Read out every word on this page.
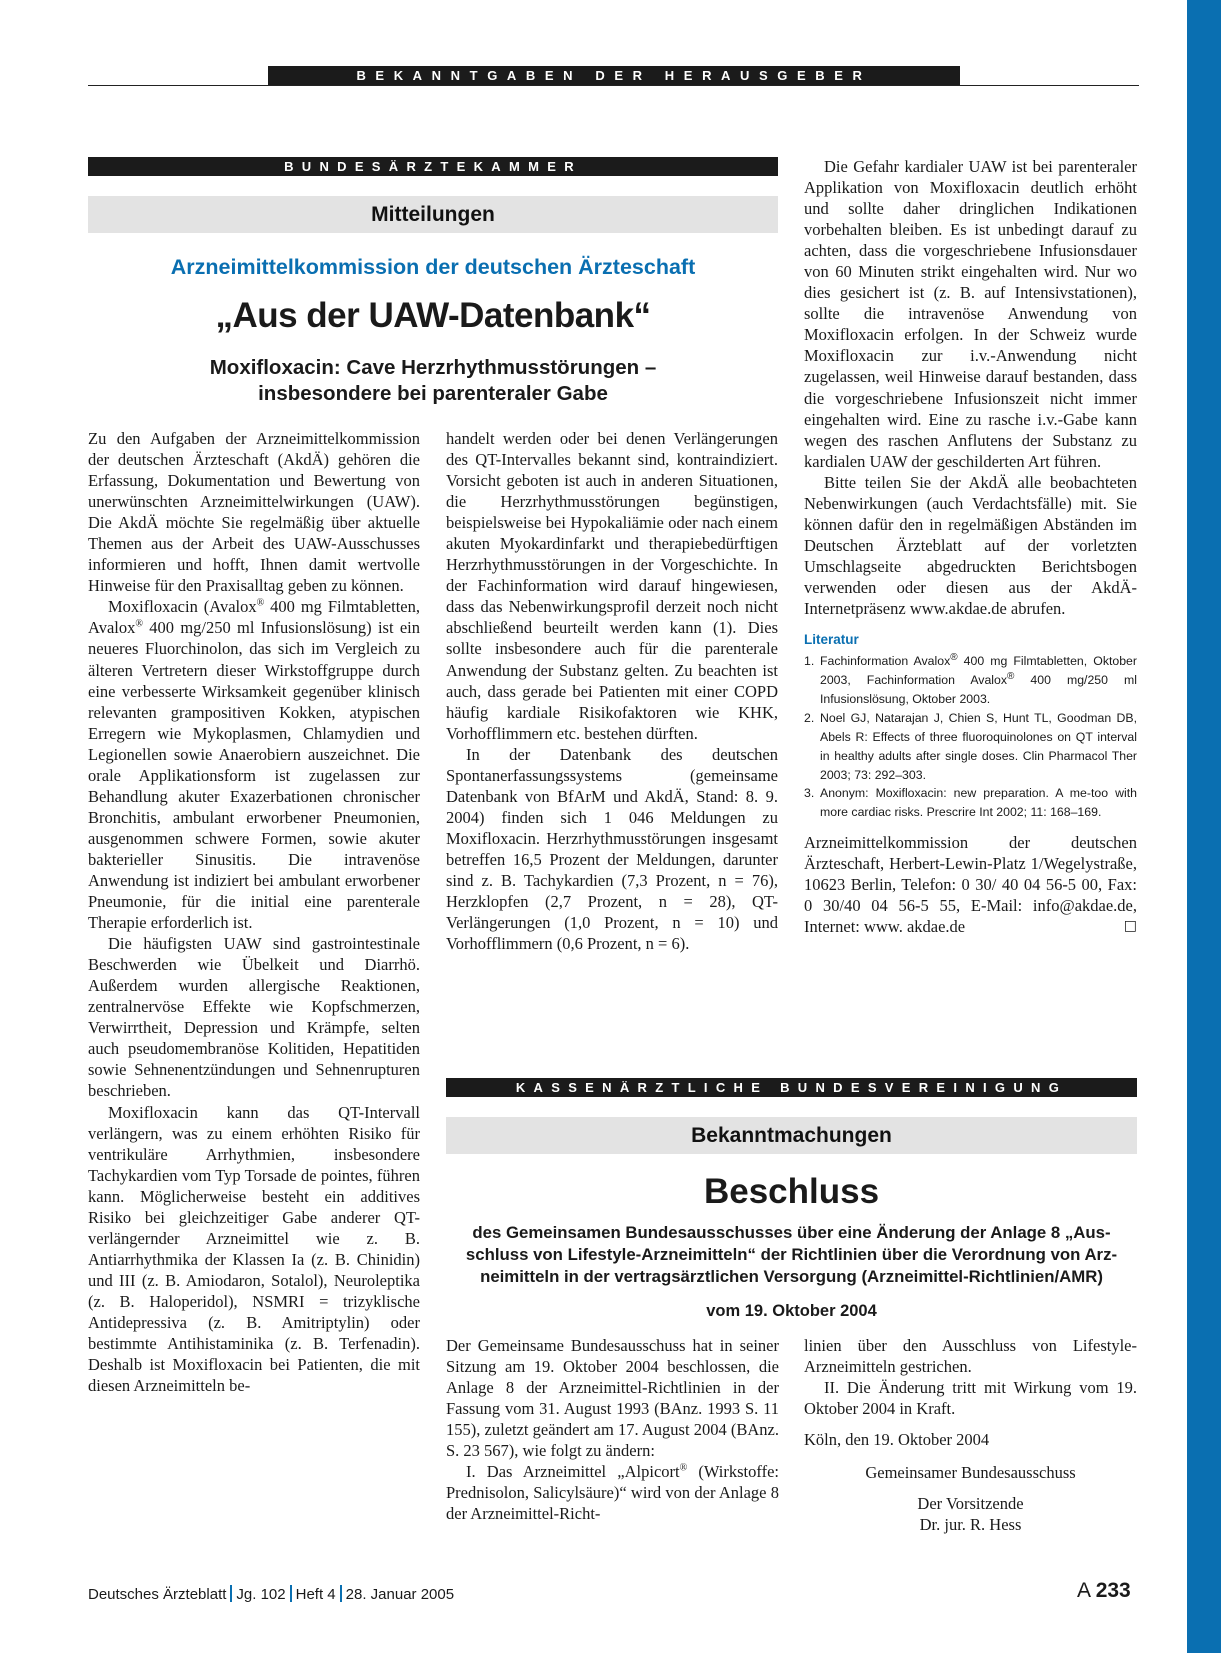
BEKANNTGABEN DER HERAUSGEBER
BUNDESÄRZTEKAMMER
Mitteilungen
Arzneimittelkommission der deutschen Ärzteschaft
„Aus der UAW-Datenbank“
Moxifloxacin: Cave Herzrhythmusstörungen –
insbesondere bei parenteraler Gabe

Zu den Aufgaben der Arzneimittelkommission der deutschen Ärzteschaft (AkdÄ) gehören die Erfassung, Dokumentation und Bewertung von unerwünschten Arzneimittelwirkungen (UAW). Die AkdÄ möchte Sie regelmäßig über aktuelle Themen aus der Arbeit des UAW-Ausschusses informieren und hofft, Ihnen damit wertvolle Hinweise für den Praxisalltag geben zu können.

Moxifloxacin (Avalox® 400 mg Filmtabletten, Avalox® 400 mg/250 ml Infusionslösung) ist ein neueres Fluorchinolon, das sich im Vergleich zu älteren Vertretern dieser Wirkstoffgruppe durch eine verbesserte Wirksamkeit gegenüber klinisch relevanten grampositiven Kokken, atypischen Erregern wie Mykoplasmen, Chlamydien und Legionellen sowie Anaerobiern auszeichnet. Die orale Applikationsform ist zugelassen zur Behandlung akuter Exazerbationen chronischer Bronchitis, ambulant erworbener Pneumonien, ausgenommen schwere Formen, sowie akuter bakterieller Sinusitis. Die intravenöse Anwendung ist indiziert bei ambulant erworbener Pneumonie, für die initial eine parenterale Therapie erforderlich ist.

Die häufigsten UAW sind gastrointestinale Beschwerden wie Übelkeit und Diarrhö. Außerdem wurden allergische Reaktionen, zentralnervöse Effekte wie Kopfschmerzen, Verwirrtheit, Depression und Krämpfe, selten auch pseudomembranöse Kolitiden, Hepatitiden sowie Sehnenentzündungen und Sehnenrupturen beschrieben.

Moxifloxacin kann das QT-Intervall verlängern, was zu einem erhöhten Risiko für ventrikuläre Arrhythmien, insbesondere Tachykardien vom Typ Torsade de pointes, führen kann. Möglicherweise besteht ein additives Risiko bei gleichzeitiger Gabe anderer QT-verlängernder Arzneimittel wie z. B. Antiarrhythmika der Klassen Ia (z. B. Chinidin) und III (z. B. Amiodaron, Sotalol), Neuroleptika (z. B. Haloperidol), NSMRI = trizyklische Antidepressiva (z. B. Amitriptylin) oder bestimmte Antihistaminika (z. B. Terfenadin). Deshalb ist Moxifloxacin bei Patienten, die mit diesen Arzneimitteln be-

handelt werden oder bei denen Verlängerungen des QT-Intervalles bekannt sind, kontraindiziert. Vorsicht geboten ist auch in anderen Situationen, die Herzrhythmusstörungen begünstigen, beispielsweise bei Hypokaliämie oder nach einem akuten Myokardinfarkt und therapiebedürftigen Herzrhythmusstörungen in der Vorgeschichte. In der Fachinformation wird darauf hingewiesen, dass das Nebenwirkungsprofil derzeit noch nicht abschließend beurteilt werden kann (1). Dies sollte insbesondere auch für die parenterale Anwendung der Substanz gelten. Zu beachten ist auch, dass gerade bei Patienten mit einer COPD häufig kardiale Risikofaktoren wie KHK, Vorhofflimmern etc. bestehen dürften.

In der Datenbank des deutschen Spontanerfassungssystems (gemeinsame Datenbank von BfArM und AkdÄ, Stand: 8. 9. 2004) finden sich 1 046 Meldungen zu Moxifloxacin. Herzrhythmusstörungen insgesamt betreffen 16,5 Prozent der Meldungen, darunter sind z. B. Tachykardien (7,3 Prozent, n = 76), Herzklopfen (2,7 Prozent, n = 28), QT-Verlängerungen (1,0 Prozent, n = 10) und Vorhofflimmern (0,6 Prozent, n = 6).

Die Gefahr kardialer UAW ist bei parenteraler Applikation von Moxifloxacin deutlich erhöht und sollte daher dringlichen Indikationen vorbehalten bleiben. Es ist unbedingt darauf zu achten, dass die vorgeschriebene Infusionsdauer von 60 Minuten strikt eingehalten wird. Nur wo dies gesichert ist (z. B. auf Intensivstationen), sollte die intravenöse Anwendung von Moxifloxacin erfolgen. In der Schweiz wurde Moxifloxacin zur i.v.-Anwendung nicht zugelassen, weil Hinweise darauf bestanden, dass die vorgeschriebene Infusionszeit nicht immer eingehalten wird. Eine zu rasche i.v.-Gabe kann wegen des raschen Anflutens der Substanz zu kardialen UAW der geschilderten Art führen.

Bitte teilen Sie der AkdÄ alle beobachteten Nebenwirkungen (auch Verdachtsfälle) mit. Sie können dafür den in regelmäßigen Abständen im Deutschen Ärzteblatt auf der vorletzten Umschlagseite abgedruckten Berichtsbogen verwenden oder diesen aus der AkdÄ-Internetpräsenz www.akdae.de abrufen.

Literatur
1. Fachinformation Avalox® 400 mg Filmtabletten, Oktober 2003, Fachinformation Avalox® 400 mg/250 ml Infusionslösung, Oktober 2003.
2. Noel GJ, Natarajan J, Chien S, Hunt TL, Goodman DB, Abels R: Effects of three fluoroquinolones on QT interval in healthy adults after single doses. Clin Pharmacol Ther 2003; 73: 292–303.
3. Anonym: Moxifloxacin: new preparation. A me-too with more cardiac risks. Prescrire Int 2002; 11: 168–169.

Arzneimittelkommission der deutschen Ärzteschaft, Herbert-Lewin-Platz 1/Wegelystraße, 10623 Berlin, Telefon: 0 30/ 40 04 56-5 00, Fax: 0 30/40 04 56-5 55, E-Mail: info@akdae.de, Internet: www. akdae.de	□

KASSENÄRZTLICHE BUNDESVEREINIGUNG
Bekanntmachungen
Beschluss
des Gemeinsamen Bundesausschusses über eine Änderung der Anlage 8 „Aus-
schluss von Lifestyle-Arzneimitteln“ der Richtlinien über die Verordnung von Arz-
neimitteln in der vertragsärztlichen Versorgung (Arzneimittel-Richtlinien/AMR)
vom 19. Oktober 2004

Der Gemeinsame Bundesausschuss hat in seiner Sitzung am 19. Oktober 2004 beschlossen, die Anlage 8 der Arzneimittel-Richtlinien in der Fassung vom 31. August 1993 (BAnz. 1993 S. 11 155), zuletzt geändert am 17. August 2004 (BAnz. S. 23 567), wie folgt zu ändern:

I. Das Arzneimittel „Alpicort® (Wirkstoffe: Prednisolon, Salicylsäure)“ wird von der Anlage 8 der Arzneimittel-Richt-

linien über den Ausschluss von Lifestyle-Arzneimitteln gestrichen.

II. Die Änderung tritt mit Wirkung vom 19. Oktober 2004 in Kraft.

Köln, den 19. Oktober 2004

Gemeinsamer Bundesausschuss
Der Vorsitzende
Dr. jur. R. Hess
Deutsches Ärzteblatt Jg. 102 Heft 4 28. Januar 2005	A 233
